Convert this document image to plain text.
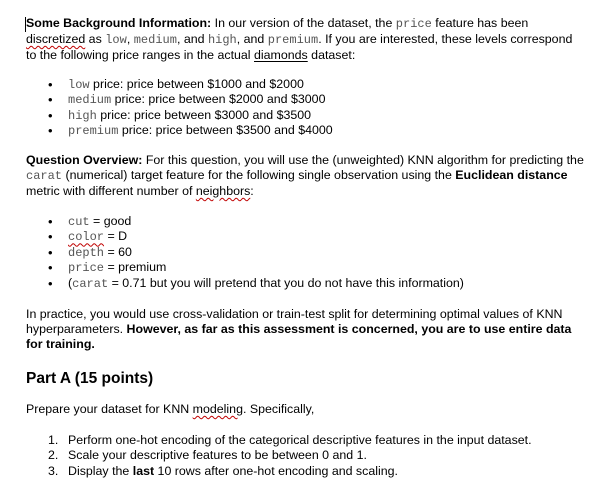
Some Background Information: In our version of the dataset, the price feature has been discretized as low, medium, and high, and premium. If you are interested, these levels correspond to the following price ranges in the actual diamonds dataset:

• low price: price between $1000 and $2000
• medium price: price between $2000 and $3000
• high price: price between $3000 and $3500
• premium price: price between $3500 and $4000

Question Overview: For this question, you will use the (unweighted) KNN algorithm for predicting the carat (numerical) target feature for the following single observation using the Euclidean distance metric with different number of neighbors:

• cut = good
• color = D
• depth = 60
• price = premium
• (carat = 0.71 but you will pretend that you do not have this information)

In practice, you would use cross-validation or train-test split for determining optimal values of KNN hyperparameters. However, as far as this assessment is concerned, you are to use entire data for training.

Part A (15 points)

Prepare your dataset for KNN modeling. Specifically,

1. Perform one-hot encoding of the categorical descriptive features in the input dataset.
2. Scale your descriptive features to be between 0 and 1.
3. Display the last 10 rows after one-hot encoding and scaling.
